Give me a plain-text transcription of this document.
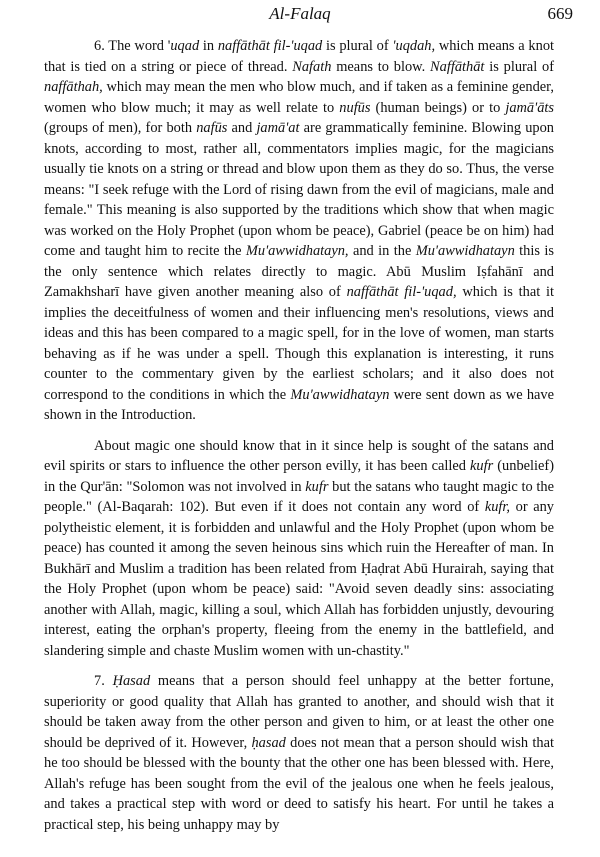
Al-Falaq	669

6. The word 'uqad in naffāthāt fil-'uqad is plural of 'uqdah, which means a knot that is tied on a string or piece of thread. Nafath means to blow. Naffāthāt is plural of naffāthah, which may mean the men who blow much, and if taken as a feminine gender, women who blow much; it may as well relate to nufūs (human beings) or to jamā'āts (groups of men), for both nafūs and jamā'at are grammatically feminine. Blowing upon knots, according to most, rather all, commentators implies magic, for the magicians usually tie knots on a string or thread and blow upon them as they do so. Thus, the verse means: "I seek refuge with the Lord of rising dawn from the evil of magicians, male and female." This meaning is also supported by the traditions which show that when magic was worked on the Holy Prophet (upon whom be peace), Gabriel (peace be on him) had come and taught him to recite the Mu'awwidhatayn, and in the Mu'awwidhatayn this is the only sentence which relates directly to magic. Abū Muslim Iṣfahānī and Zamakhsharī have given another meaning also of naffāthāt fil-'uqad, which is that it implies the deceitfulness of women and their influencing men's resolutions, views and ideas and this has been compared to a magic spell, for in the love of women, man starts behaving as if he was under a spell. Though this explanation is interesting, it runs counter to the commentary given by the earliest scholars; and it also does not correspond to the conditions in which the Mu'awwidhatayn were sent down as we have shown in the Introduction.

About magic one should know that in it since help is sought of the satans and evil spirits or stars to influence the other person evilly, it has been called kufr (unbelief) in the Qur'ān: "Solomon was not involved in kufr but the satans who taught magic to the people." (Al-Baqarah: 102). But even if it does not contain any word of kufr, or any polytheistic element, it is forbidden and unlawful and the Holy Prophet (upon whom be peace) has counted it among the seven heinous sins which ruin the Hereafter of man. In Bukhārī and Muslim a tradition has been related from Ḥaḍrat Abū Hurairah, saying that the Holy Prophet (upon whom be peace) said: "Avoid seven deadly sins: associating another with Allah, magic, killing a soul, which Allah has forbidden unjustly, devouring interest, eating the orphan's property, fleeing from the enemy in the battlefield, and slandering simple and chaste Muslim women with un-chastity."

7. Ḥasad means that a person should feel unhappy at the better fortune, superiority or good quality that Allah has granted to another, and should wish that it should be taken away from the other person and given to him, or at least the other one should be deprived of it. However, ḥasad does not mean that a person should wish that he too should be blessed with the bounty that the other one has been blessed with. Here, Allah's refuge has been sought from the evil of the jealous one when he feels jealous, and takes a practical step with word or deed to satisfy his heart. For until he takes a practical step, his being unhappy may by
